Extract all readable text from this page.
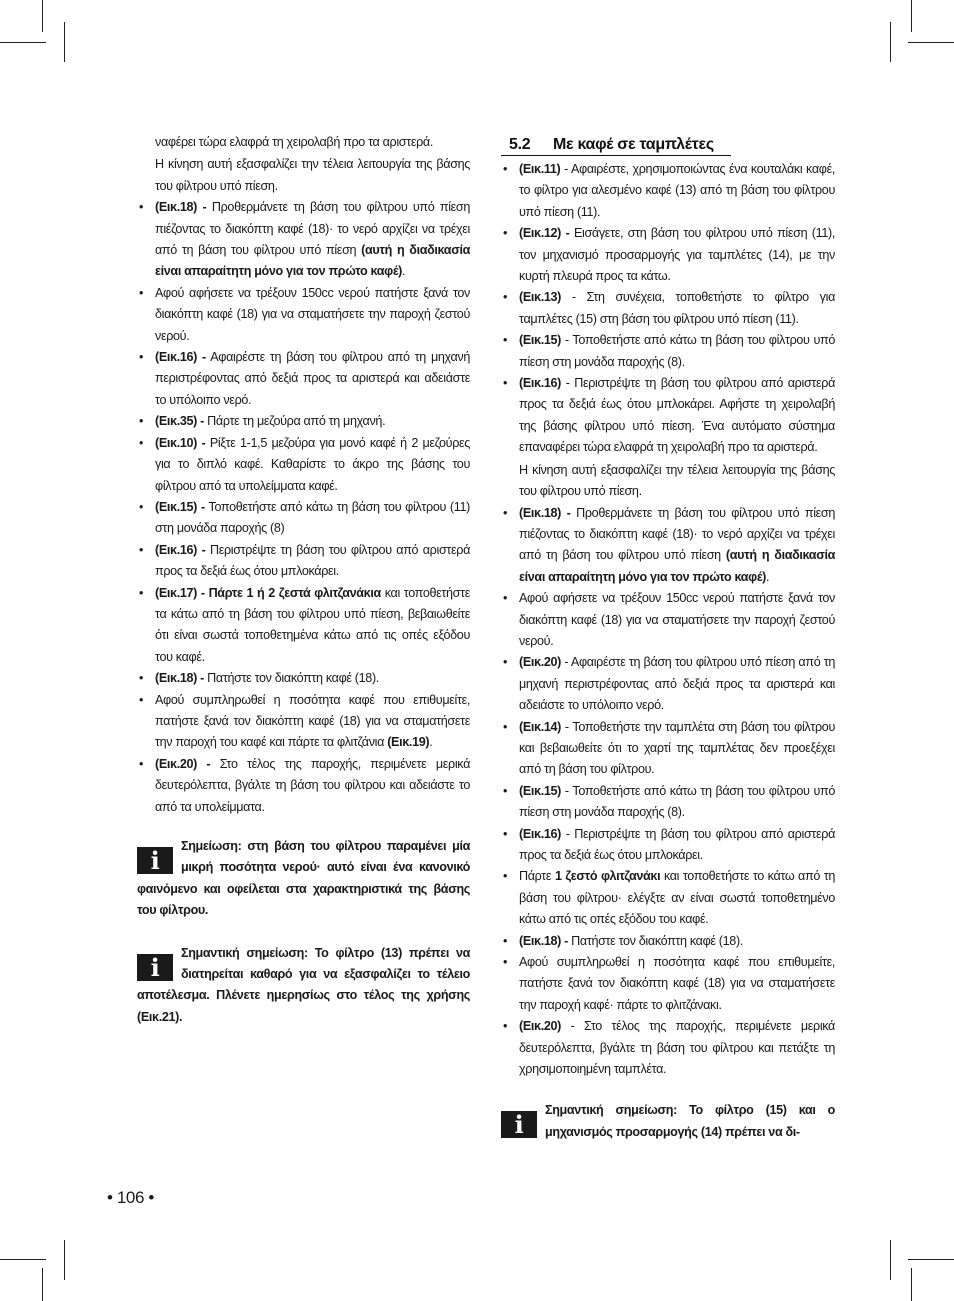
ναφέρει τώρα ελαφρά τη χειρολαβή προ τα αριστερά.

Η κίνηση αυτή εξασφαλίζει την τέλεια λειτουργία της βάσης του φίλτρου υπό πίεση.

• (Εικ.18) - Προθερμάνετε τη βάση του φίλτρου υπό πίεση πιέζοντας το διακόπτη καφέ (18)· το νερό αρχίζει να τρέχει από τη βάση του φίλτρου υπό πίεση (αυτή η διαδικασία είναι απαραίτητη μόνο για τον πρώτο καφέ).
• Αφού αφήσετε να τρέξουν 150cc νερού πατήστε ξανά τον διακόπτη καφέ (18) για να σταματήσετε την παροχή ζεστού νερού.
• (Εικ.16) - Αφαιρέστε τη βάση του φίλτρου από τη μηχανή περιστρέφοντας από δεξιά προς τα αριστερά και αδειάστε το υπόλοιπο νερό.
• (Εικ.35) - Πάρτε τη μεζούρα από τη μηχανή.
• (Εικ.10) - Ρίξτε 1-1,5 μεζούρα για μονό καφέ ή 2 μεζούρες για το διπλό καφέ. Καθαρίστε το άκρο της βάσης του φίλτρου από τα υπολείμματα καφέ.
• (Εικ.15) - Τοποθετήστε από κάτω τη βάση του φίλτρου (11) στη μονάδα παροχής (8)
• (Εικ.16) - Περιστρέψτε τη βάση του φίλτρου από αριστερά προς τα δεξιά έως ότου μπλοκάρει.
• (Εικ.17) - Πάρτε 1 ή 2 ζεστά φλιτζανάκια και τοποθετήστε τα κάτω από τη βάση του φίλτρου υπό πίεση, βεβαιωθείτε ότι είναι σωστά τοποθετημένα κάτω από τις οπές εξόδου του καφέ.
• (Εικ.18) - Πατήστε τον διακόπτη καφέ (18).
• Αφού συμπληρωθεί η ποσότητα καφέ που επιθυμείτε, πατήστε ξανά τον διακόπτη καφέ (18) για να σταματήσετε την παροχή του καφέ και πάρτε τα φλιτζάνια (Εικ.19).
• (Εικ.20) - Στο τέλος της παροχής, περιμένετε μερικά δευτερόλεπτα, βγάλτε τη βάση του φίλτρου και αδειάστε το από τα υπολείμματα.
i	Σημείωση: στη βάση του φίλτρου παραμένει μία μικρή ποσότητα νερού· αυτό είναι ένα κανονικό φαινόμενο και οφείλεται στα χαρακτηριστικά της βάσης του φίλτρου.
i	Σημαντική σημείωση: Το φίλτρο (13) πρέπει να διατηρείται καθαρό για να εξασφαλίζει το τέλειο αποτέλεσμα. Πλένετε ημερησίως στο τέλος της χρήσης (Εικ.21).
5.2 Με καφέ σε ταμπλέτες
• (Εικ.11) - Αφαιρέστε, χρησιμοποιώντας ένα κουταλάκι καφέ, το φίλτρο για αλεσμένο καφέ (13) από τη βάση του φίλτρου υπό πίεση (11).
• (Εικ.12) - Εισάγετε, στη βάση του φίλτρου υπό πίεση (11), τον μηχανισμό προσαρμογής για ταμπλέτες (14), με την κυρτή πλευρά προς τα κάτω.
• (Εικ.13) - Στη συνέχεια, τοποθετήστε το φίλτρο για ταμπλέτες (15) στη βάση του φίλτρου υπό πίεση (11).
• (Εικ.15) - Τοποθετήστε από κάτω τη βάση του φίλτρου υπό πίεση στη μονάδα παροχής (8).
• (Εικ.16) - Περιστρέψτε τη βάση του φίλτρου από αριστερά προς τα δεξιά έως ότου μπλοκάρει. Αφήστε τη χειρολαβή της βάσης φίλτρου υπό πίεση. Ένα αυτόματο σύστημα επαναφέρει τώρα ελαφρά τη χειρολαβή προ τα αριστερά.

Η κίνηση αυτή εξασφαλίζει την τέλεια λειτουργία της βάσης του φίλτρου υπό πίεση.

• (Εικ.18) - Προθερμάνετε τη βάση του φίλτρου υπό πίεση πιέζοντας το διακόπτη καφέ (18)· το νερό αρχίζει να τρέχει από τη βάση του φίλτρου υπό πίεση (αυτή η διαδικασία είναι απαραίτητη μόνο για τον πρώτο καφέ).
• Αφού αφήσετε να τρέξουν 150cc νερού πατήστε ξανά τον διακόπτη καφέ (18) για να σταματήσετε την παροχή ζεστού νερού.
• (Εικ.20) - Αφαιρέστε τη βάση του φίλτρου υπό πίεση από τη μηχανή περιστρέφοντας από δεξιά προς τα αριστερά και αδειάστε το υπόλοιπο νερό.
• (Εικ.14) - Τοποθετήστε την ταμπλέτα στη βάση του φίλτρου και βεβαιωθείτε ότι το χαρτί της ταμπλέτας δεν προεξέχει από τη βάση του φίλτρου.
• (Εικ.15) - Τοποθετήστε από κάτω τη βάση του φίλτρου υπό πίεση στη μονάδα παροχής (8).
• (Εικ.16) - Περιστρέψτε τη βάση του φίλτρου από αριστερά προς τα δεξιά έως ότου μπλοκάρει.
• Πάρτε 1 ζεστό φλιτζανάκι και τοποθετήστε το κάτω από τη βάση του φίλτρου· ελέγξτε αν είναι σωστά τοποθετημένο κάτω από τις οπές εξόδου του καφέ.
• (Εικ.18) - Πατήστε τον διακόπτη καφέ (18).
• Αφού συμπληρωθεί η ποσότητα καφέ που επιθυμείτε, πατήστε ξανά τον διακόπτη καφέ (18) για να σταματήσετε την παροχή καφέ· πάρτε το φλιτζάνακι.
• (Εικ.20) - Στο τέλος της παροχής, περιμένετε μερικά δευτερόλεπτα, βγάλτε τη βάση του φίλτρου και πετάξτε τη χρησιμοποιημένη ταμπλέτα.
i	Σημαντική σημείωση: Το φίλτρο (15) και ο μηχανισμός προσαρμογής (14) πρέπει να δι-
• 106 •
